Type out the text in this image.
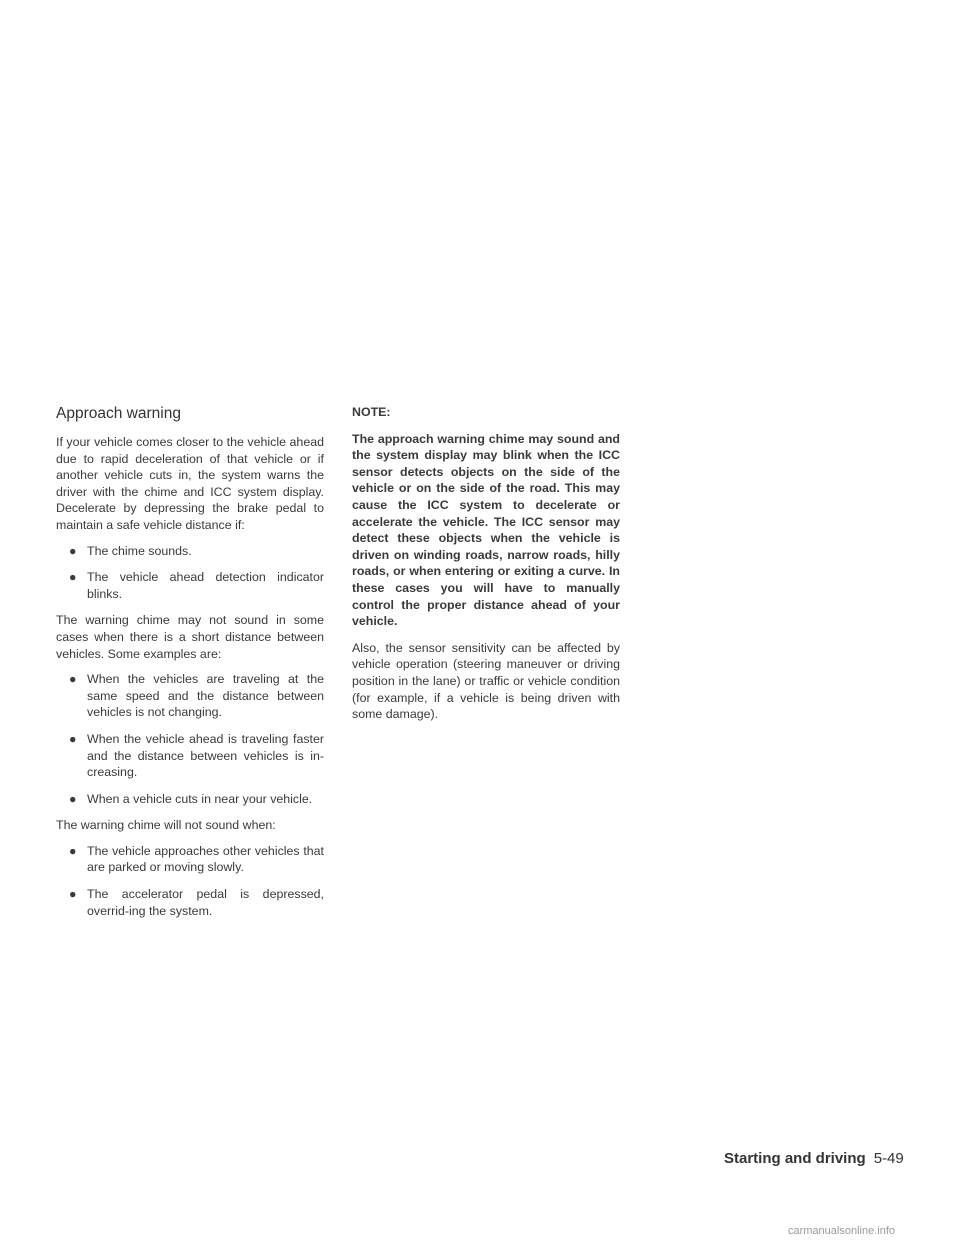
Approach warning

If your vehicle comes closer to the vehicle ahead due to rapid deceleration of that vehicle or if another vehicle cuts in, the system warns the driver with the chime and ICC system display. Decelerate by depressing the brake pedal to maintain a safe vehicle distance if:

● The chime sounds.
● The vehicle ahead detection indicator blinks.

The warning chime may not sound in some cases when there is a short distance between vehicles. Some examples are:

● When the vehicles are traveling at the same speed and the distance between vehicles is not changing.
● When the vehicle ahead is traveling faster and the distance between vehicles is in-creasing.
● When a vehicle cuts in near your vehicle.

The warning chime will not sound when:

● The vehicle approaches other vehicles that are parked or moving slowly.
● The accelerator pedal is depressed, overrid-ing the system.
NOTE:
The approach warning chime may sound and the system display may blink when the ICC sensor detects objects on the side of the vehicle or on the side of the road. This may cause the ICC system to decelerate or accelerate the vehicle. The ICC sensor may detect these objects when the vehicle is driven on winding roads, narrow roads, hilly roads, or when entering or exiting a curve. In these cases you will have to manually control the proper distance ahead of your vehicle.

Also, the sensor sensitivity can be affected by vehicle operation (steering maneuver or driving position in the lane) or traffic or vehicle condition (for example, if a vehicle is being driven with some damage).

Starting and driving 5-49
carmanualsonline.info
